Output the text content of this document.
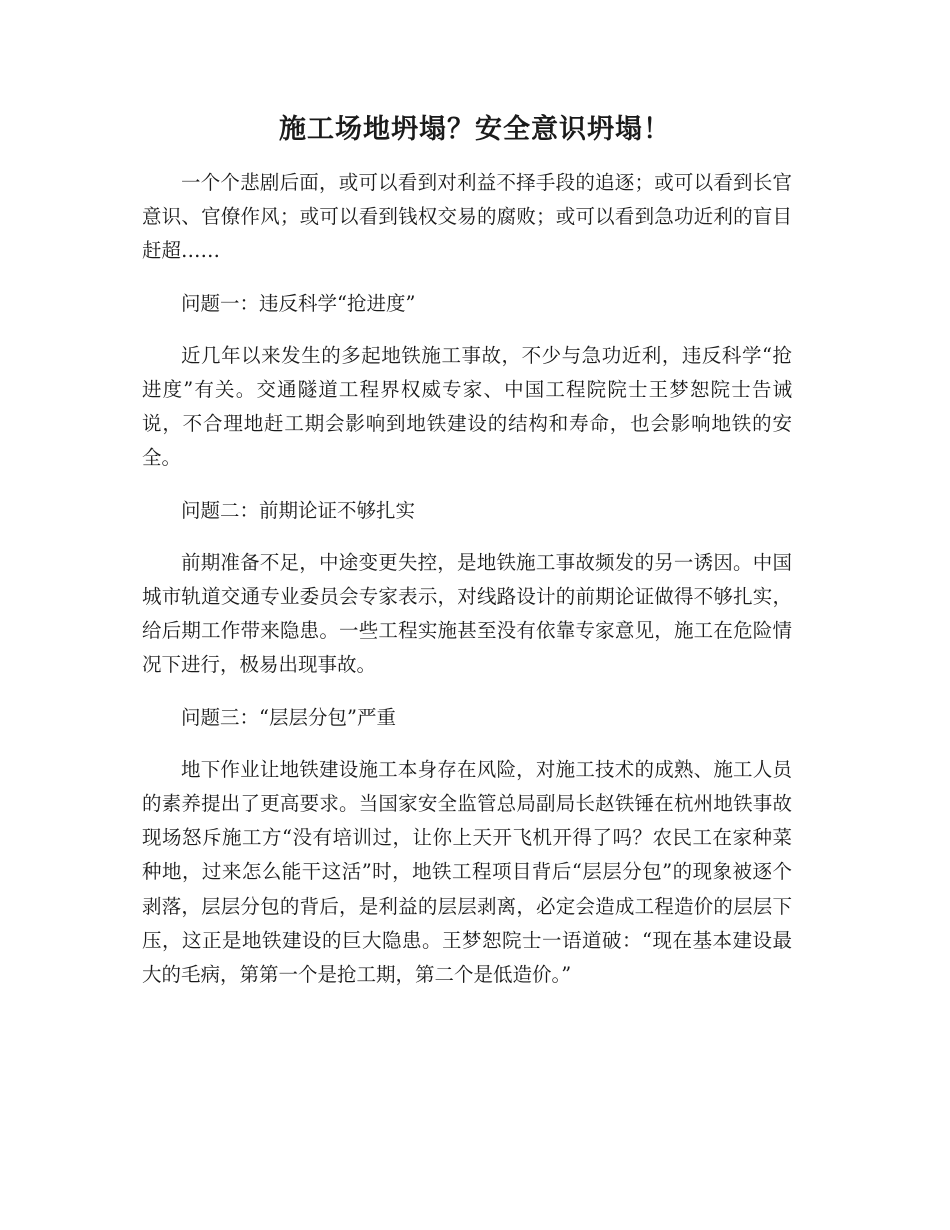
施工场地坍塌？安全意识坍塌！

一个个悲剧后面，或可以看到对利益不择手段的追逐；或可以看到长官意识、官僚作风；或可以看到钱权交易的腐败；或可以看到急功近利的盲目赶超……

问题一：违反科学“抢进度”

近几年以来发生的多起地铁施工事故，不少与急功近利，违反科学“抢进度”有关。交通隧道工程界权威专家、中国工程院院士王梦恕院士告诫说，不合理地赶工期会影响到地铁建设的结构和寿命，也会影响地铁的安全。

问题二：前期论证不够扎实

前期准备不足，中途变更失控，是地铁施工事故频发的另一诱因。中国城市轨道交通专业委员会专家表示，对线路设计的前期论证做得不够扎实，给后期工作带来隐患。一些工程实施甚至没有依靠专家意见，施工在危险情况下进行，极易出现事故。

问题三：“层层分包”严重

地下作业让地铁建设施工本身存在风险，对施工技术的成熟、施工人员的素养提出了更高要求。当国家安全监管总局副局长赵铁锤在杭州地铁事故现场怒斥施工方“没有培训过，让你上天开飞机开得了吗？农民工在家种菜种地，过来怎么能干这活”时，地铁工程项目背后“层层分包”的现象被逐个剥落，层层分包的背后，是利益的层层剥离，必定会造成工程造价的层层下压，这正是地铁建设的巨大隐患。王梦恕院士一语道破：“现在基本建设最大的毛病，第第一个是抢工期，第二个是低造价。”
